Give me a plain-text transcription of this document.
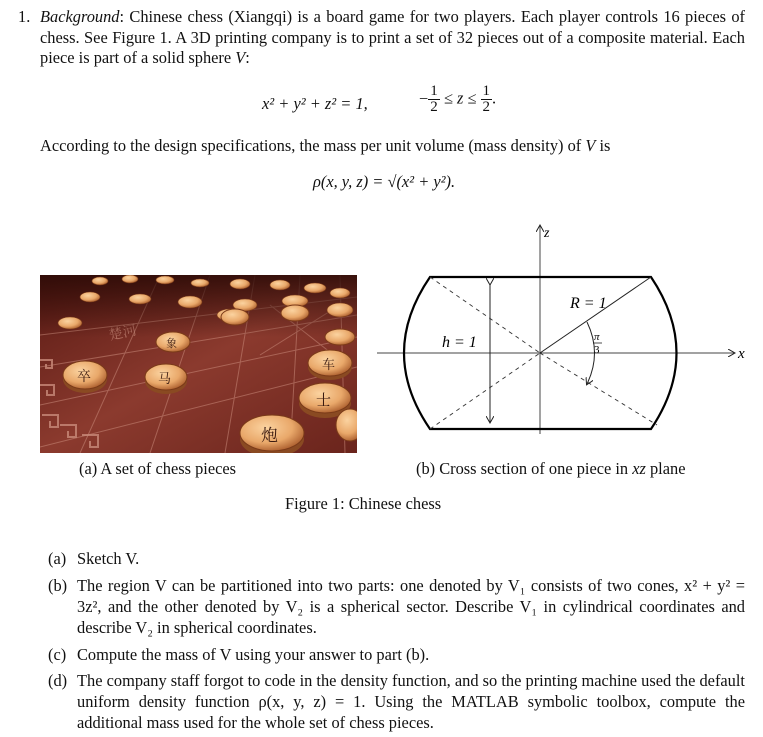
1. Background: Chinese chess (Xiangqi) is a board game for two players. Each player controls 16 pieces of chess. See Figure 1. A 3D printing company is to print a set of 32 pieces out of a composite material. Each piece is part of a solid sphere V:
x² + y² + z² = 1,	− $\frac{1}{2} \le z \le \frac{1}{2}$ .
According to the design specifications, the mass per unit volume (mass density) of V is
ρ(x, y, z) = √(x² + y²).
象
卒	马
车
士
炮
z
x
R = 1
h = 1	π
3
(a) A set of chess pieces	(b) Cross section of one piece in xz plane
Figure 1: Chinese chess
(a) Sketch V.
(b) The region V can be partitioned into two parts: one denoted by V₁ consists of two cones, x² + y² = 3z², and the other denoted by V₂ is a spherical sector. Describe V₁ in cylindrical coordinates and describe V₂ in spherical coordinates.
(c) Compute the mass of V using your answer to part (b).
(d) The company staff forgot to code in the density function, and so the printing machine used the default uniform density function ρ(x, y, z) = 1. Using the MATLAB symbolic toolbox, compute the additional mass used for the whole set of chess pieces.
